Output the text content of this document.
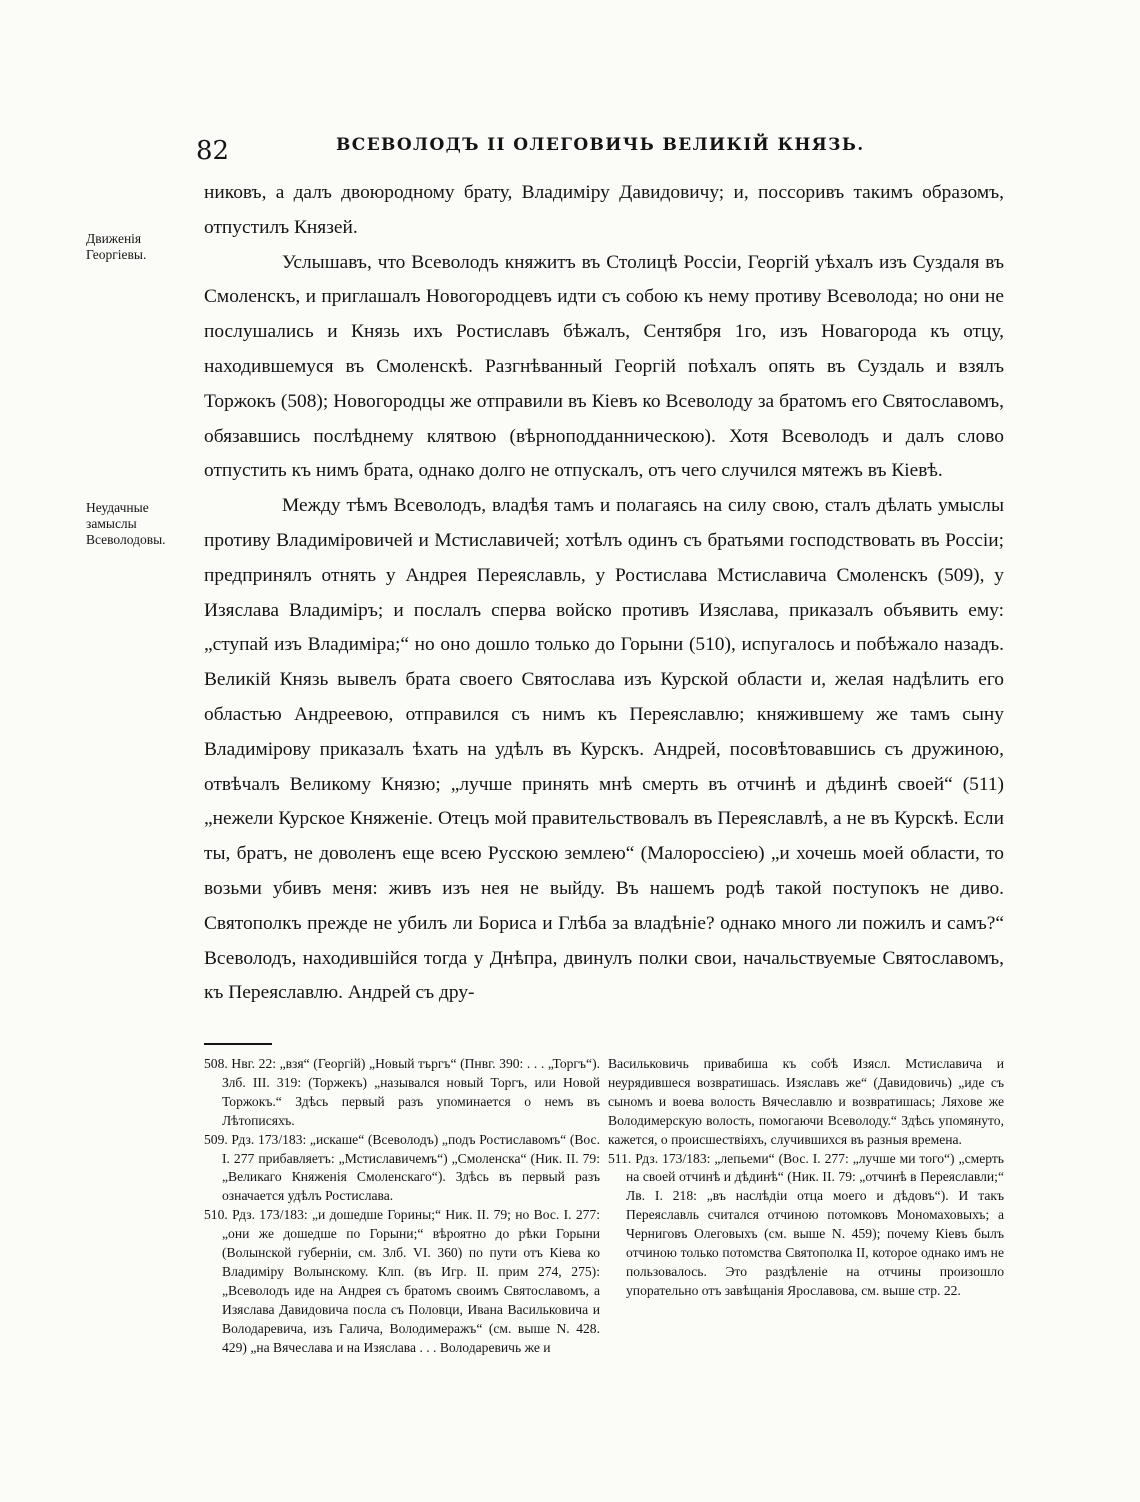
82	ВСЕВОЛОДЪ II ОЛЕГОВИЧЬ ВЕЛИКІЙ КНЯЗЬ.
Движенія Георгіевы.
Неудачные замыслы Всеволодовы.

никовъ, а далъ двоюродному брату, Владиміру Давидовичу; и, поссоривъ такимъ образомъ, отпустилъ Князей.

Услышавъ, что Всеволодъ княжитъ въ Столицѣ Россіи, Георгій уѣхалъ изъ Суздаля въ Смоленскъ, и приглашалъ Новогородцевъ идти съ собою къ нему противу Всеволода; но они не послушались и Князь ихъ Ростиславъ бѣжалъ, Сентября 1го, изъ Новагорода къ отцу, находившемуся въ Смоленскѣ. Разгнѣванный Георгій поѣхалъ опять въ Суздаль и взялъ Торжокъ (508); Новогородцы же отправили въ Кіевъ ко Всеволоду за братомъ его Святославомъ, обязавшись послѣднему клятвою (вѣрноподданническою). Хотя Всеволодъ и далъ слово отпустить къ нимъ брата, однако долго не отпускалъ, отъ чего случился мятежъ въ Кіевѣ.

Между тѣмъ Всеволодъ, владѣя тамъ и полагаясь на силу свою, сталъ дѣлать умыслы противу Владиміровичей и Мстиславичей; хотѣлъ одинъ съ братьями господствовать въ Россіи; предпринялъ отнять у Андрея Переяславль, у Ростислава Мстиславича Смоленскъ (509), у Изяслава Владиміръ; и послалъ сперва войско противъ Изяслава, приказалъ объявить ему: „ступай изъ Владиміра;“ но оно дошло только до Горыни (510), испугалось и побѣжало назадъ. Великій Князь вывелъ брата своего Святослава изъ Курской области и, желая надѣлить его областью Андреевою, отправился съ нимъ къ Переяславлю; княжившему же тамъ сыну Владимірову приказалъ ѣхать на удѣлъ въ Курскъ. Андрей, посовѣтовавшись съ дружиною, отвѣчалъ Великому Князю; „лучше принять мнѣ смерть въ отчинѣ и дѣдинѣ своей“ (511) „нежели Курское Княженіе. Отецъ мой правительствовалъ въ Переяславлѣ, а не въ Курскѣ. Если ты, братъ, не доволенъ еще всею Русскою землею“ (Малороссіею) „и хочешь моей области, то возьми убивъ меня: живъ изъ нея не выйду. Въ нашемъ родѣ такой поступокъ не диво. Святополкъ прежде не убилъ ли Бориса и Глѣба за владѣніе? однако много ли пожилъ и самъ?“ Всеволодъ, находившійся тогда у Днѣпра, двинулъ полки свои, начальствуемые Святославомъ, къ Переяславлю. Андрей съ дру-

508. Нвг. 22: „взя“ (Георгій) „Новый търгъ“ (Пнвг. 390: . . . „Торгъ“). Злб. III. 319: (Торжекъ) „назывался новый Торгъ, или Новой Торжокъ.“ Здѣсь первый разъ упоминается о немъ въ Лѣтописяхъ.

509. Рдз. 173/183: „искаше“ (Всеволодъ) „подъ Ростиславомъ“ (Вос. I. 277 прибавляетъ: „Мстиславичемъ“) „Смоленска“ (Ник. II. 79: „Великаго Княженія Смоленскаго“). Здѣсь въ первый разъ означается удѣлъ Ростислава.

510. Рдз. 173/183: „и дошедше Горины;“ Ник. II. 79; но Вос. I. 277: „они же дошедше по Горыни;“ вѣроятно до рѣки Горыни (Волынской губерніи, см. Злб. VI. 360) по пути отъ Кіева ко Владиміру Волынскому. Клп. (въ Игр. II. прим 274, 275): „Всеволодъ иде на Андрея съ братомъ своимъ Святославомъ, а Изяслава Давидовича посла съ Половци, Ивана Васильковича и Володаревича, изъ Галича, Володимеражъ“ (см. выше N. 428. 429) „на Вячеслава и на Изяслава . . . Володаревичь же и

Васильковичь привабиша къ собѣ Изясл. Мстиславича и неурядившеся возвратишась. Изяславъ же“ (Давидовичь) „иде съ сыномъ и воева волость Вячеславлю и возвратишась; Ляхове же Володимерскую волость, помогаючи Всеволоду.“ Здѣсь упомянуто, кажется, о происшествіяхъ, случившихся въ разныя времена.

511. Рдз. 173/183: „лепьеми“ (Вос. I. 277: „лучше ми того“) „смерть на своей отчинѣ и дѣдинѣ“ (Ник. II. 79: „отчинѣ в Переяславли;“ Лв. I. 218: „въ наслѣдіи отца моего и дѣдовъ“). И такъ Переяславль считался отчиною потомковъ Мономаховыхъ; а Черниговъ Олеговыхъ (см. выше N. 459); почему Кіевъ былъ отчиною только потомства Святополка II, которое однако имъ не пользовалось. Это раздѣленіе на отчины произошло упорательно отъ завѣщанія Ярославова, см. выше стр. 22.
